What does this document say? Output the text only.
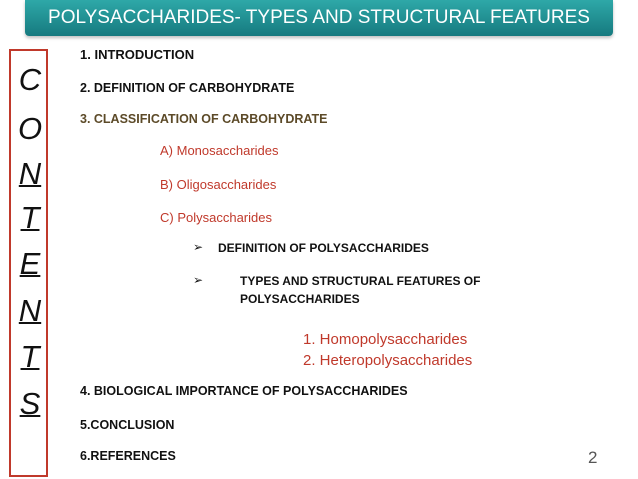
POLYSACCHARIDES- TYPES AND STRUCTURAL FEATURES
C
O
N
T
E
N
T
S
1. INTRODUCTION
2. DEFINITION OF CARBOHYDRATE
3. CLASSIFICATION OF CARBOHYDRATE
A) Monosaccharides
B) Oligosaccharides
C) Polysaccharides
➢ DEFINITION OF POLYSACCHARIDES
➢	TYPES AND STRUCTURAL FEATURES OF
POLYSACCHARIDES
1. Homopolysaccharides
2. Heteropolysaccharides
4. BIOLOGICAL IMPORTANCE OF POLYSACCHARIDES
5.CONCLUSION
6.REFERENCES	2
